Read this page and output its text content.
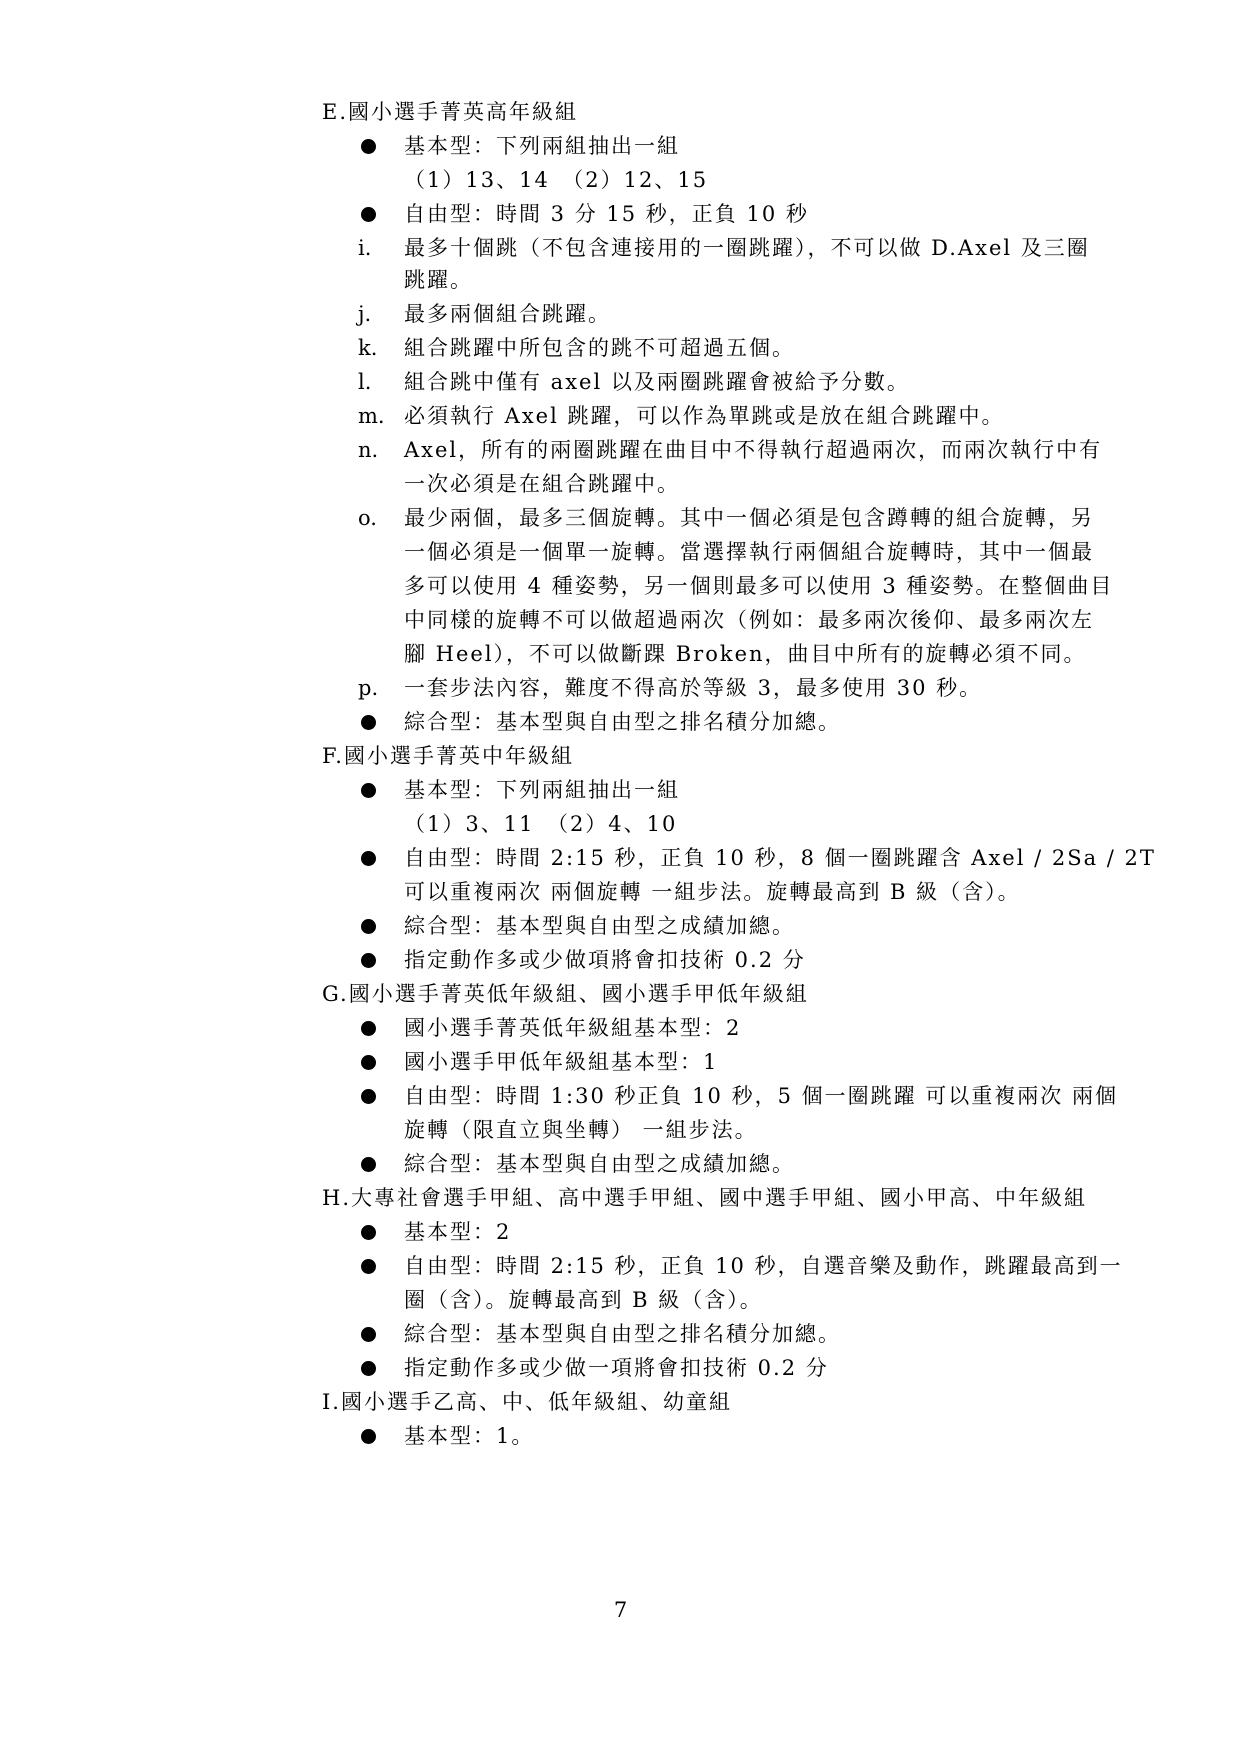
E.國小選手菁英高年級組
基本型：下列兩組抽出一組
（1）13、14　（2）12、15
自由型：時間 3 分 15 秒，正負 10 秒
i. 最多十個跳（不包含連接用的一圈跳躍），不可以做 D.Axel 及三圈
跳躍。
j. 最多兩個組合跳躍。
k. 組合跳躍中所包含的跳不可超過五個。
l. 組合跳中僅有 axel 以及兩圈跳躍會被給予分數。
m. 必須執行 Axel 跳躍，可以作為單跳或是放在組合跳躍中。
n. Axel，所有的兩圈跳躍在曲目中不得執行超過兩次，而兩次執行中有
一次必須是在組合跳躍中。
o. 最少兩個，最多三個旋轉。其中一個必須是包含蹲轉的組合旋轉，另
一個必須是一個單一旋轉。當選擇執行兩個組合旋轉時，其中一個最
多可以使用 4 種姿勢，另一個則最多可以使用 3 種姿勢。在整個曲目
中同樣的旋轉不可以做超過兩次（例如：最多兩次後仰、最多兩次左
腳 Heel），不可以做斷踝 Broken，曲目中所有的旋轉必須不同。
p. 一套步法內容，難度不得高於等級 3，最多使用 30 秒。
綜合型：基本型與自由型之排名積分加總。
F.國小選手菁英中年級組
基本型：下列兩組抽出一組
（1）3、11　（2）4、10
自由型：時間 2:15 秒，正負 10 秒，8 個一圈跳躍含 Axel / 2Sa / 2T
可以重複兩次 兩個旋轉 一組步法。旋轉最高到 B 級（含）。
綜合型：基本型與自由型之成績加總。
指定動作多或少做項將會扣技術 0.2 分
G.國小選手菁英低年級組、國小選手甲低年級組
國小選手菁英低年級組基本型：2
國小選手甲低年級組基本型：1
自由型：時間 1:30 秒正負 10 秒，5 個一圈跳躍 可以重複兩次 兩個
旋轉（限直立與坐轉） 一組步法。
綜合型：基本型與自由型之成績加總。
H.大專社會選手甲組、高中選手甲組、國中選手甲組、國小甲高、中年級組
基本型：2
自由型：時間 2:15 秒，正負 10 秒，自選音樂及動作，跳躍最高到一
圈（含）。旋轉最高到 B 級（含）。
綜合型：基本型與自由型之排名積分加總。
指定動作多或少做一項將會扣技術 0.2 分
I.國小選手乙高、中、低年級組、幼童組
基本型：1。
7
